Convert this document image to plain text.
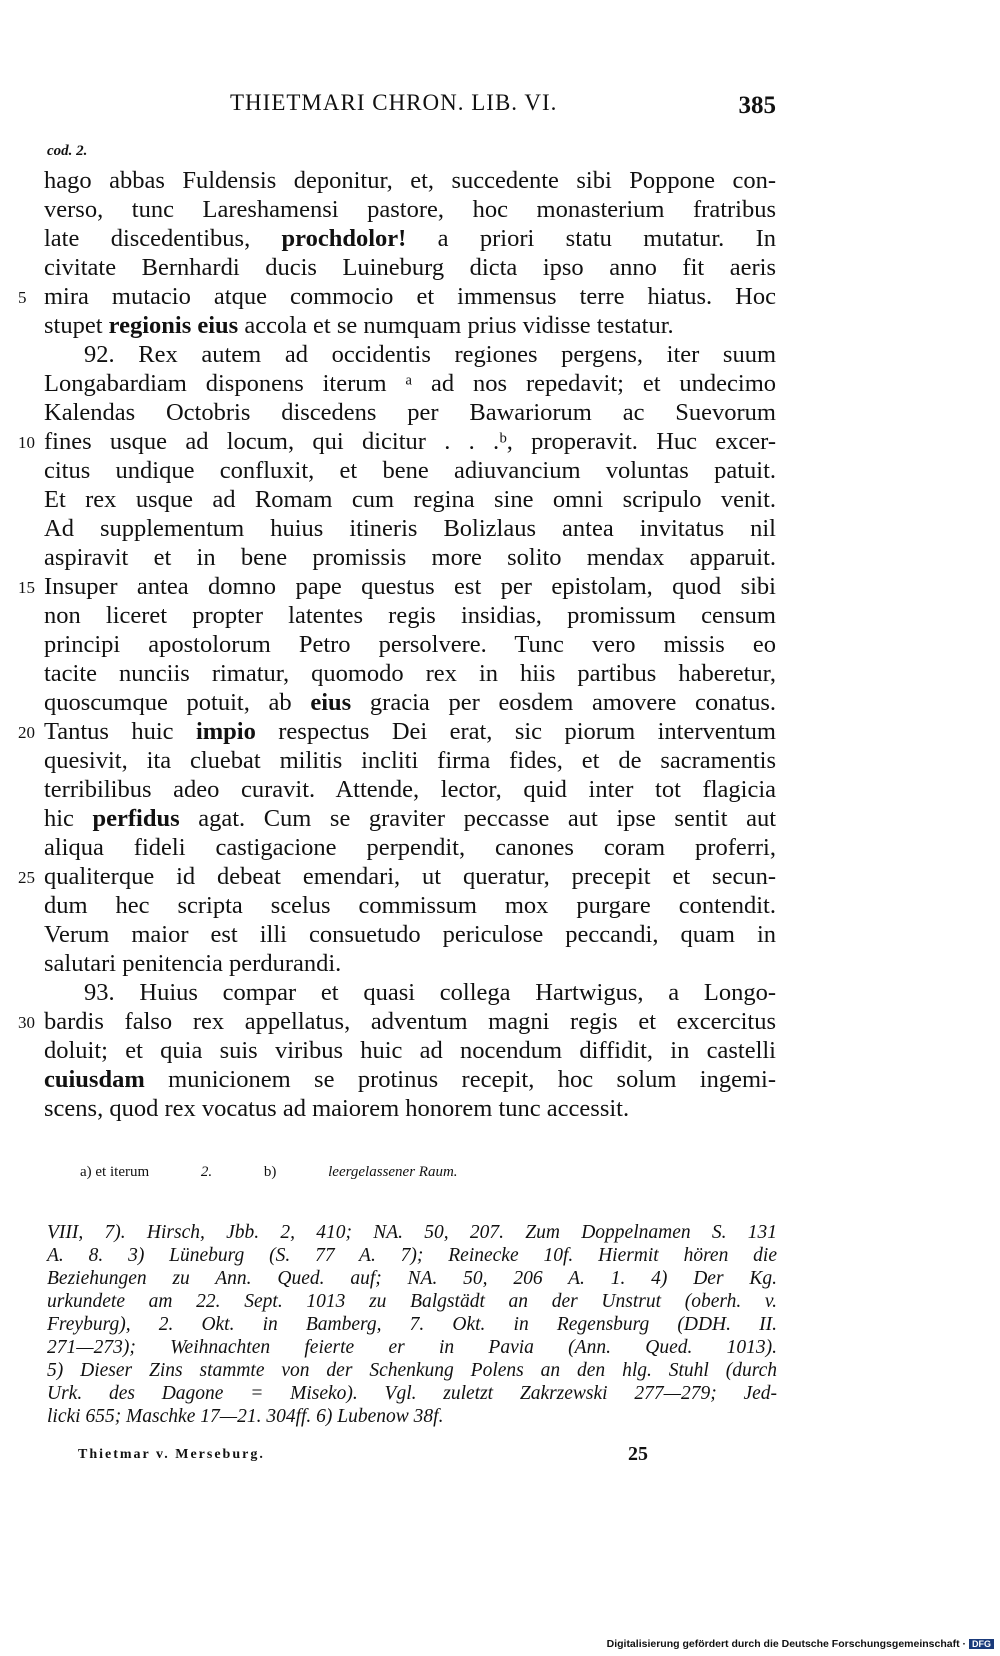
THIETMARI CHRON. LIB. VI.	385
cod. 2.
hago abbas Fuldensis deponitur, et, succedente sibi Poppone con-
verso, tunc Lareshamensi pastore, hoc monasterium fratribus
late discedentibus, prochdolor! a priori statu mutatur. In
civitate Bernhardi ducis Luineburg dicta ipso anno fit aeris
5 mira mutacio atque commocio et immensus terre hiatus. Hoc
stupet regionis eius accola et se numquam prius vidisse testatur.
92. Rex autem ad occidentis regiones pergens, iter suum
Longabardiam disponens iterum ᵃ ad nos repedavit; et undecimo
Kalendas Octobris discedens per Bawariorum ac Suevorum
10 fines usque ad locum, qui dicitur . . .ᵇ, properavit. Huc excer-
citus undique confluxit, et bene adiuvancium voluntas patuit.
Et rex usque ad Romam cum regina sine omni scripulo venit.
Ad supplementum huius itineris Bolizlaus antea invitatus nil
aspiravit et in bene promissis more solito mendax apparuit.
15 Insuper antea domno pape questus est per epistolam, quod sibi
non liceret propter latentes regis insidias, promissum censum
principi apostolorum Petro persolvere. Tunc vero missis eo
tacite nunciis rimatur, quomodo rex in hiis partibus haberetur,
quoscumque potuit, ab eius gracia per eosdem amovere conatus.
20 Tantus huic impio respectus Dei erat, sic piorum interventum
quesivit, ita cluebat militis incliti firma fides, et de sacramentis
terribilibus adeo curavit. Attende, lector, quid inter tot flagicia
hic perfidus agat. Cum se graviter peccasse aut ipse sentit aut
aliqua fideli castigacione perpendit, canones coram proferri,
25 qualiterque id debeat emendari, ut queratur, precepit et secun-
dum hec scripta scelus commissum mox purgare contendit.
Verum maior est illi consuetudo periculose peccandi, quam in
salutari penitencia perdurandi.
93. Huius compar et quasi collega Hartwigus, a Longo-
30 bardis falso rex appellatus, adventum magni regis et excercitus
doluit; et quia suis viribus huic ad nocendum diffidit, in castelli
cuiusdam municionem se protinus recepit, hoc solum ingemi-
scens, quod rex vocatus ad maiorem honorem tunc accessit.
a) et iterum	2.	b)	leergelassener Raum.
VIII, 7). Hirsch, Jbb. 2, 410; NA. 50, 207. Zum Doppelnamen S. 131
A. 8. 3) Lüneburg (S. 77 A. 7); Reinecke 10f. Hiermit hören die
Beziehungen zu Ann. Qued. auf; NA. 50, 206 A. 1. 4) Der Kg.
urkundete am 22. Sept. 1013 zu Balgstädt an der Unstrut (oberh. v.
Freyburg), 2. Okt. in Bamberg, 7. Okt. in Regensburg (DDH. II.
271—273); Weihnachten feierte er in Pavia (Ann. Qued. 1013).
5) Dieser Zins stammte von der Schenkung Polens an den hlg. Stuhl (durch
Urk. des Dagone = Miseko). Vgl. zuletzt Zakrzewski 277—279; Jed-
licki 655; Maschke 17—21. 304ff. 6) Lubenow 38f.
Thietmar v. Merseburg.	25
Digitalisierung gefördert durch die Deutsche Forschungsgemeinschaft · DFG
